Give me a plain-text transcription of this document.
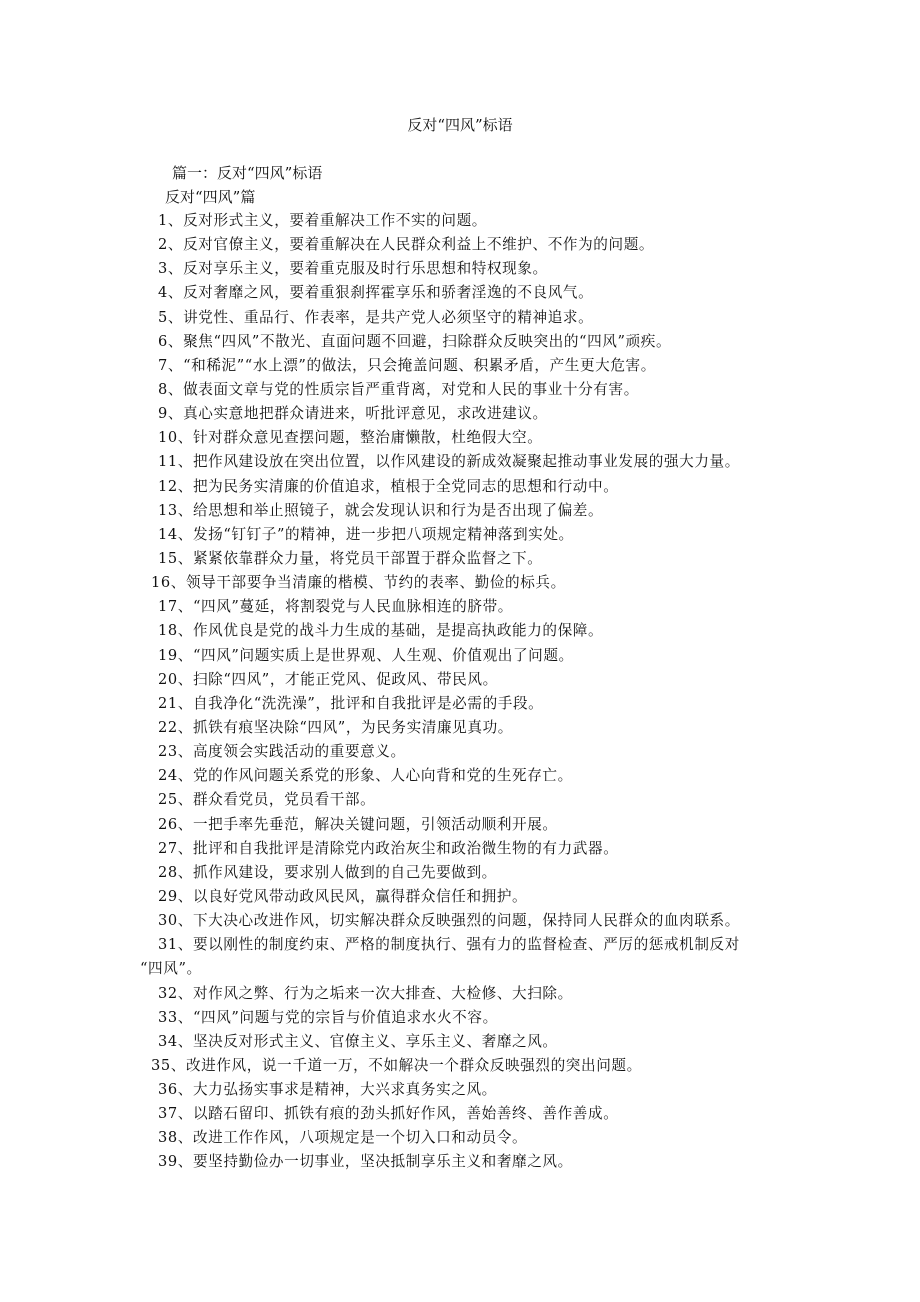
反对“四风”标语
篇一：反对“四风”标语
反对“四风”篇
1、反对形式主义，要着重解决工作不实的问题。
2、反对官僚主义，要着重解决在人民群众利益上不维护、不作为的问题。
3、反对享乐主义，要着重克服及时行乐思想和特权现象。
4、反对奢靡之风，要着重狠刹挥霍享乐和骄奢淫逸的不良风气。
5、讲党性、重品行、作表率，是共产党人必须坚守的精神追求。
6、聚焦“四风”不散光、直面问题不回避，扫除群众反映突出的“四风”顽疾。
7、“和稀泥”“水上漂”的做法，只会掩盖问题、积累矛盾，产生更大危害。
8、做表面文章与党的性质宗旨严重背离，对党和人民的事业十分有害。
9、真心实意地把群众请进来，听批评意见，求改进建议。
10、针对群众意见查摆问题，整治庸懒散，杜绝假大空。
11、把作风建设放在突出位置，以作风建设的新成效凝聚起推动事业发展的强大力量。
12、把为民务实清廉的价值追求，植根于全党同志的思想和行动中。
13、给思想和举止照镜子，就会发现认识和行为是否出现了偏差。
14、发扬“钉钉子”的精神，进一步把八项规定精神落到实处。
15、紧紧依靠群众力量，将党员干部置于群众监督之下。
16、领导干部要争当清廉的楷模、节约的表率、勤俭的标兵。
17、“四风”蔓延，将割裂党与人民血脉相连的脐带。
18、作风优良是党的战斗力生成的基础，是提高执政能力的保障。
19、“四风”问题实质上是世界观、人生观、价值观出了问题。
20、扫除“四风”，才能正党风、促政风、带民风。
21、自我净化“洗洗澡”，批评和自我批评是必需的手段。
22、抓铁有痕坚决除“四风”，为民务实清廉见真功。
23、高度领会实践活动的重要意义。
24、党的作风问题关系党的形象、人心向背和党的生死存亡。
25、群众看党员，党员看干部。
26、一把手率先垂范，解决关键问题，引领活动顺利开展。
27、批评和自我批评是清除党内政治灰尘和政治微生物的有力武器。
28、抓作风建设，要求别人做到的自己先要做到。
29、以良好党风带动政风民风，赢得群众信任和拥护。
30、下大决心改进作风，切实解决群众反映强烈的问题，保持同人民群众的血肉联系。
31、要以刚性的制度约束、严格的制度执行、强有力的监督检查、严厉的惩戒机制反对
“四风”。
32、对作风之弊、行为之垢来一次大排查、大检修、大扫除。
33、“四风”问题与党的宗旨与价值追求水火不容。
34、坚决反对形式主义、官僚主义、享乐主义、奢靡之风。
35、改进作风，说一千道一万，不如解决一个群众反映强烈的突出问题。
36、大力弘扬实事求是精神，大兴求真务实之风。
37、以踏石留印、抓铁有痕的劲头抓好作风，善始善终、善作善成。
38、改进工作作风，八项规定是一个切入口和动员令。
39、要坚持勤俭办一切事业，坚决抵制享乐主义和奢靡之风。
